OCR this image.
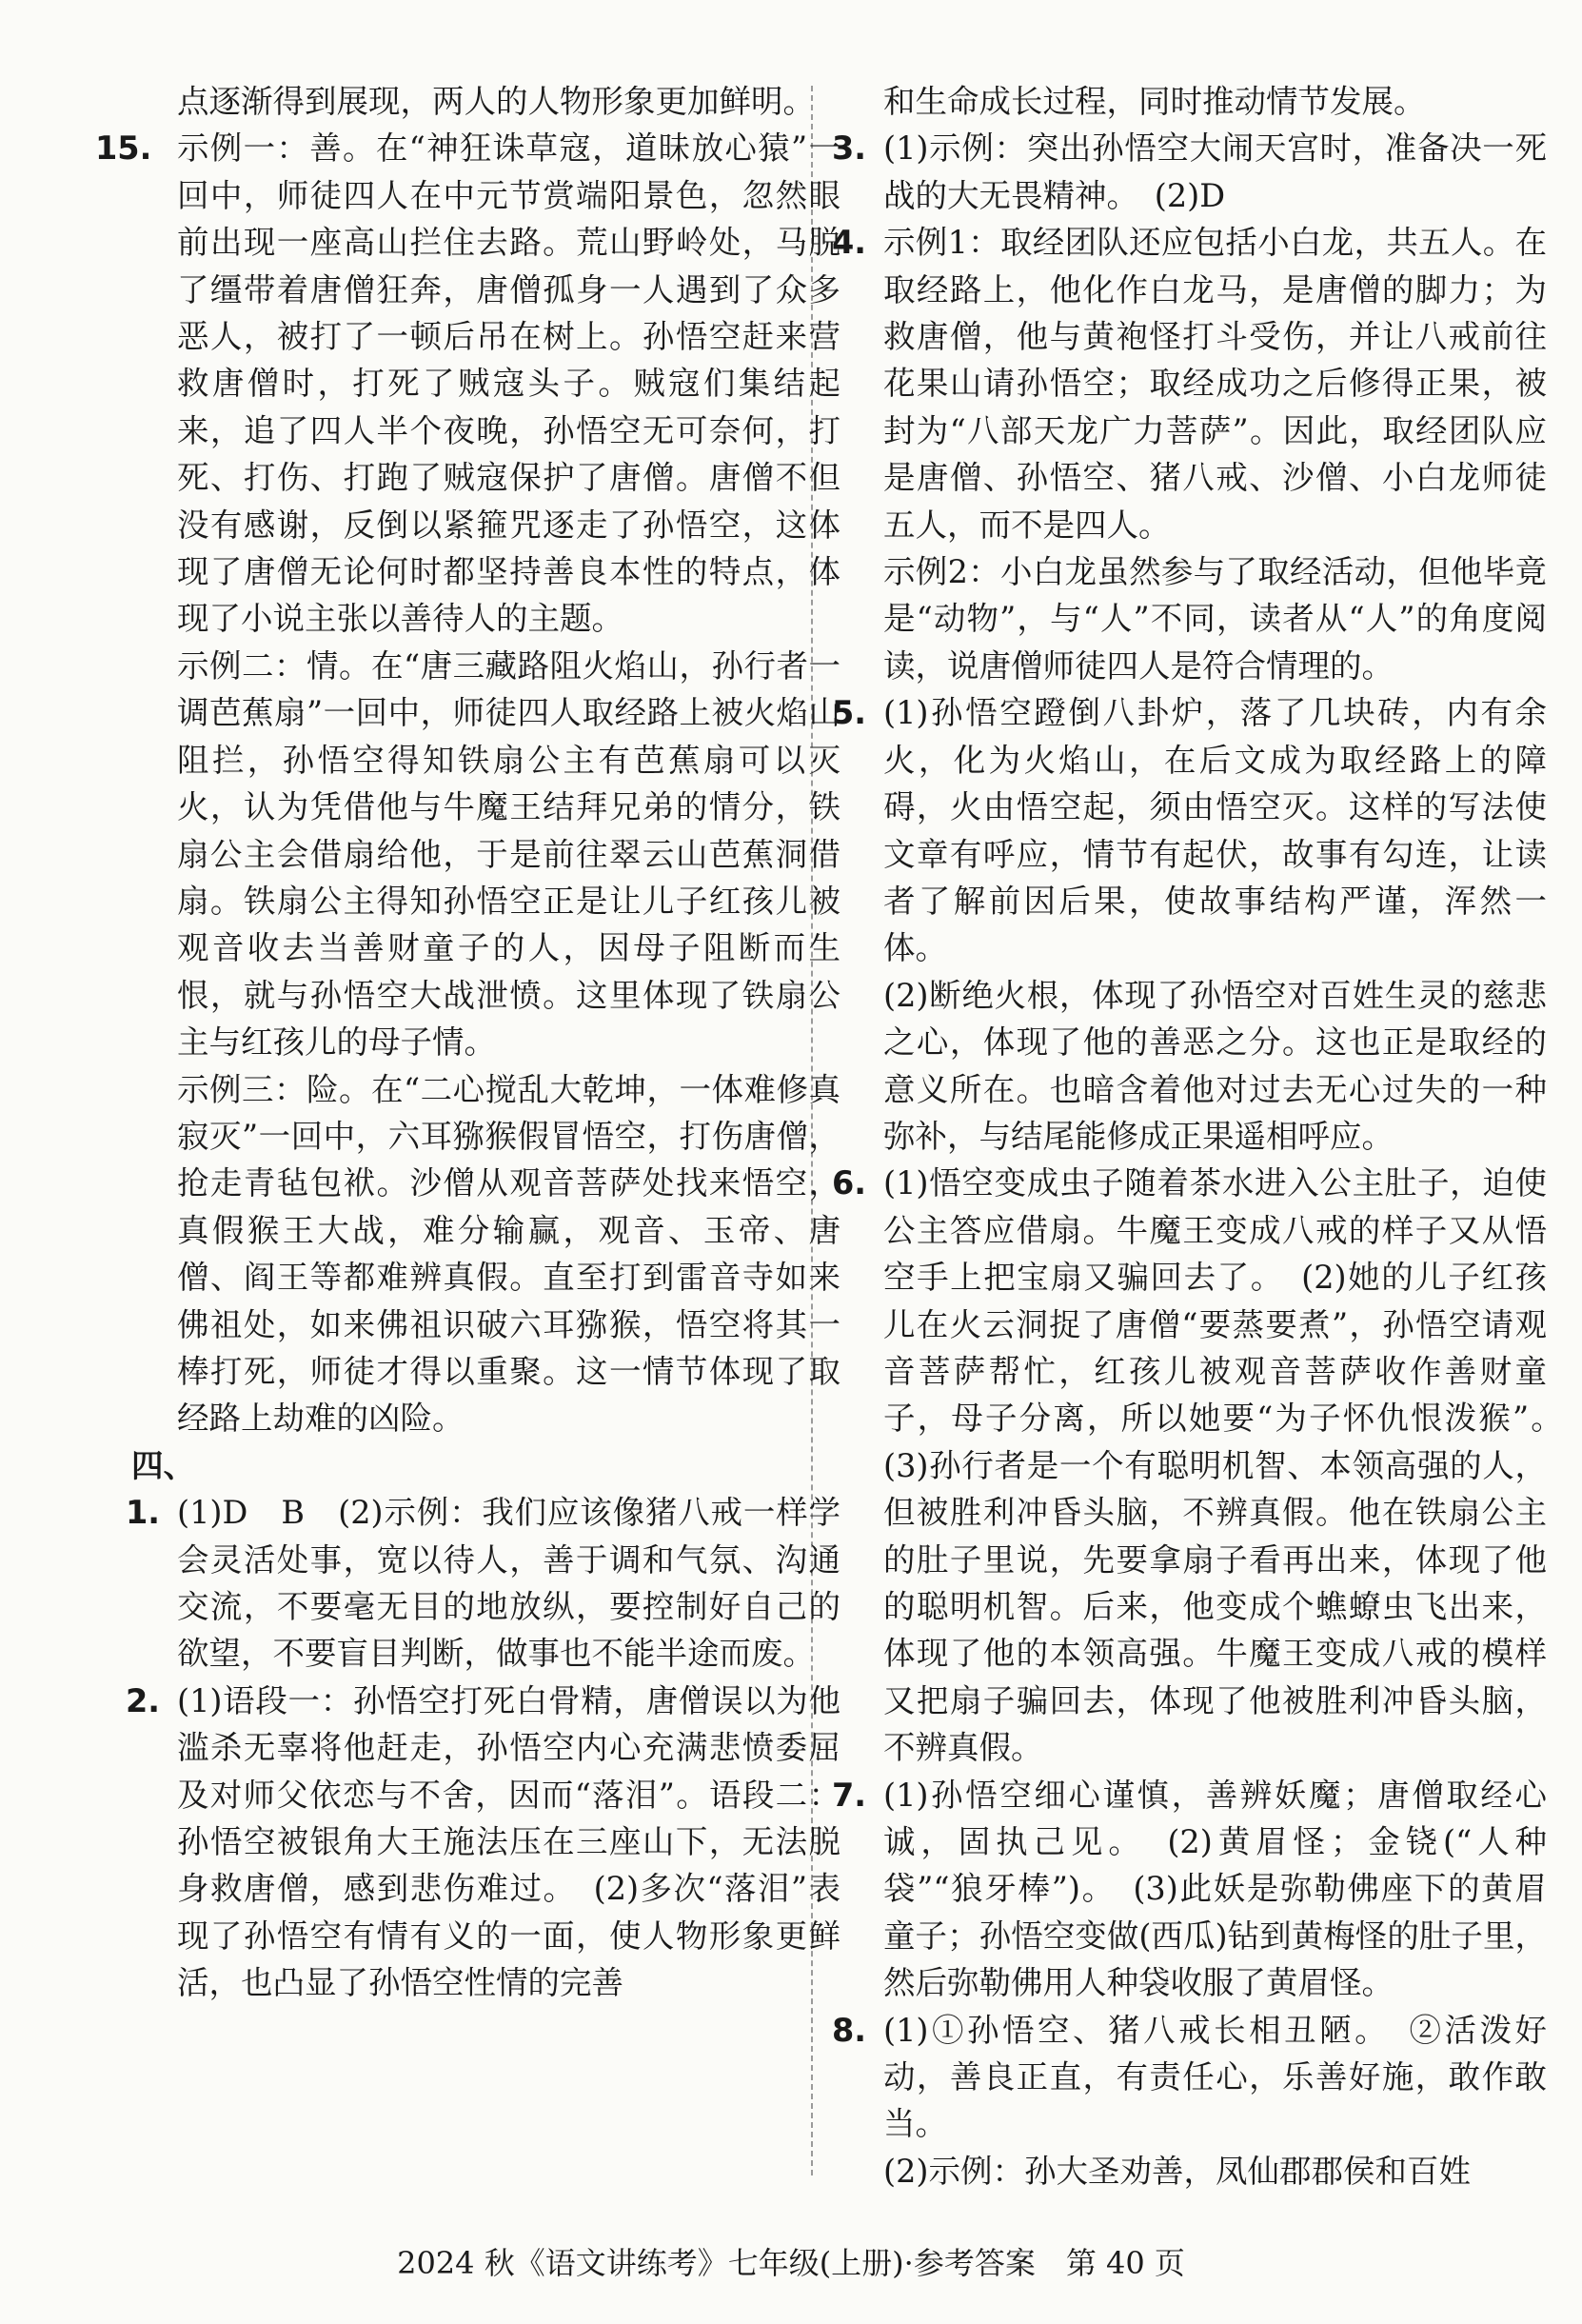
点逐渐得到展现，两人的人物形象更加鲜明。

15. 示例一：善。在“神狂诛草寇，道昧放心猿”一回中，师徒四人在中元节赏端阳景色，忽然眼前出现一座高山拦住去路。荒山野岭处，马脱了缰带着唐僧狂奔，唐僧孤身一人遇到了众多恶人，被打了一顿后吊在树上。孙悟空赶来营救唐僧时，打死了贼寇头子。贼寇们集结起来，追了四人半个夜晚，孙悟空无可奈何，打死、打伤、打跑了贼寇保护了唐僧。唐僧不但没有感谢，反倒以紧箍咒逐走了孙悟空，这体现了唐僧无论何时都坚持善良本性的特点，体现了小说主张以善待人的主题。

示例二：情。在“唐三藏路阻火焰山，孙行者一调芭蕉扇”一回中，师徒四人取经路上被火焰山阻拦，孙悟空得知铁扇公主有芭蕉扇可以灭火，认为凭借他与牛魔王结拜兄弟的情分，铁扇公主会借扇给他，于是前往翠云山芭蕉洞借扇。铁扇公主得知孙悟空正是让儿子红孩儿被观音收去当善财童子的人，因母子阻断而生恨，就与孙悟空大战泄愤。这里体现了铁扇公主与红孩儿的母子情。

示例三：险。在“二心搅乱大乾坤，一体难修真寂灭”一回中，六耳猕猴假冒悟空，打伤唐僧，抢走青毡包袱。沙僧从观音菩萨处找来悟空，真假猴王大战，难分输赢，观音、玉帝、唐僧、阎王等都难辨真假。直至打到雷音寺如来佛祖处，如来佛祖识破六耳猕猴，悟空将其一棒打死，师徒才得以重聚。这一情节体现了取经路上劫难的凶险。

四、

1. (1)D　B　(2)示例：我们应该像猪八戒一样学会灵活处事，宽以待人，善于调和气氛、沟通交流，不要毫无目的地放纵，要控制好自己的欲望，不要盲目判断，做事也不能半途而废。

2. (1)语段一：孙悟空打死白骨精，唐僧误以为他滥杀无辜将他赶走，孙悟空内心充满悲愤委屈及对师父依恋与不舍，因而“落泪”。语段二：孙悟空被银角大王施法压在三座山下，无法脱身救唐僧，感到悲伤难过。　(2)多次“落泪”表现了孙悟空有情有义的一面，使人物形象更鲜活，也凸显了孙悟空性情的完善

和生命成长过程，同时推动情节发展。

3. (1)示例：突出孙悟空大闹天宫时，准备决一死战的大无畏精神。　(2)D

4. 示例1：取经团队还应包括小白龙，共五人。在取经路上，他化作白龙马，是唐僧的脚力；为救唐僧，他与黄袍怪打斗受伤，并让八戒前往花果山请孙悟空；取经成功之后修得正果，被封为“八部天龙广力菩萨”。因此，取经团队应是唐僧、孙悟空、猪八戒、沙僧、小白龙师徒五人，而不是四人。

示例2：小白龙虽然参与了取经活动，但他毕竟是“动物”，与“人”不同，读者从“人”的角度阅读，说唐僧师徒四人是符合情理的。

5. (1)孙悟空蹬倒八卦炉，落了几块砖，内有余火，化为火焰山，在后文成为取经路上的障碍，火由悟空起，须由悟空灭。这样的写法使文章有呼应，情节有起伏，故事有勾连，让读者了解前因后果，使故事结构严谨，浑然一体。

(2)断绝火根，体现了孙悟空对百姓生灵的慈悲之心，体现了他的善恶之分。这也正是取经的意义所在。也暗含着他对过去无心过失的一种弥补，与结尾能修成正果遥相呼应。

6. (1)悟空变成虫子随着茶水进入公主肚子，迫使公主答应借扇。牛魔王变成八戒的样子又从悟空手上把宝扇又骗回去了。　(2)她的儿子红孩儿在火云洞捉了唐僧“要蒸要煮”，孙悟空请观音菩萨帮忙，红孩儿被观音菩萨收作善财童子，母子分离，所以她要“为子怀仇恨泼猴”。　(3)孙行者是一个有聪明机智、本领高强的人，但被胜利冲昏头脑，不辨真假。他在铁扇公主的肚子里说，先要拿扇子看再出来，体现了他的聪明机智。后来，他变成个蟭蟟虫飞出来，体现了他的本领高强。牛魔王变成八戒的模样又把扇子骗回去，体现了他被胜利冲昏头脑，不辨真假。

7. (1)孙悟空细心谨慎，善辨妖魔；唐僧取经心诚，固执己见。　(2)黄眉怪；金铙(“人种袋”“狼牙棒”)。　(3)此妖是弥勒佛座下的黄眉童子；孙悟空变做(西瓜)钻到黄梅怪的肚子里，然后弥勒佛用人种袋收服了黄眉怪。

8. (1)①孙悟空、猪八戒长相丑陋。　②活泼好动，善良正直，有责任心，乐善好施，敢作敢当。

(2)示例：孙大圣劝善，凤仙郡郡侯和百姓

2024 秋《语文讲练考》七年级(上册)·参考答案　第 40 页
